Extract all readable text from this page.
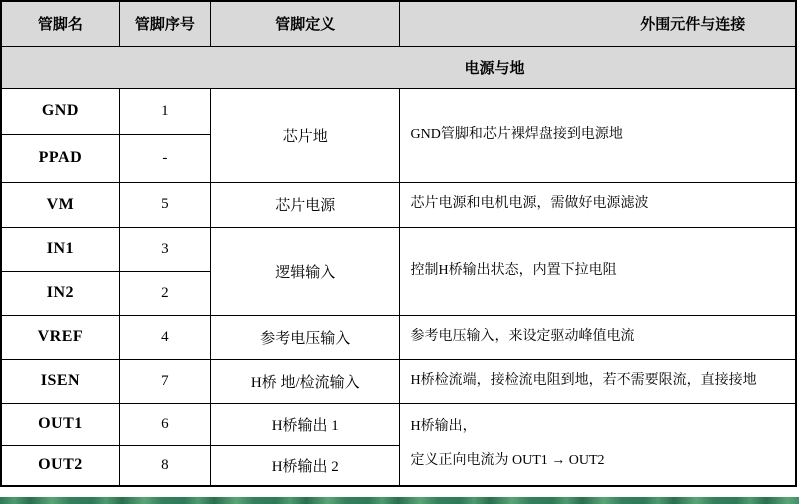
管脚名	管脚序号	管脚定义	外围元件与连接
电源与地			
GND	1	芯片地	GND管脚和芯片裸焊盘接到电源地
PPAD	-		
VM	5	芯片电源	芯片电源和电机电源，需做好电源滤波
IN1	3	逻辑输入	控制H桥输出状态，内置下拉电阻
IN2	2		
VREF	4	参考电压输入	参考电压输入，来设定驱动峰值电流
ISEN	7	H桥 地/检流输入	H桥检流端，接检流电阻到地，若不需要限流，直接接地
OUT1	6	H桥输出 1	H桥输出，
定义正向电流为 OUT1 → OUT2

OUT2	8	H桥输出 2	
